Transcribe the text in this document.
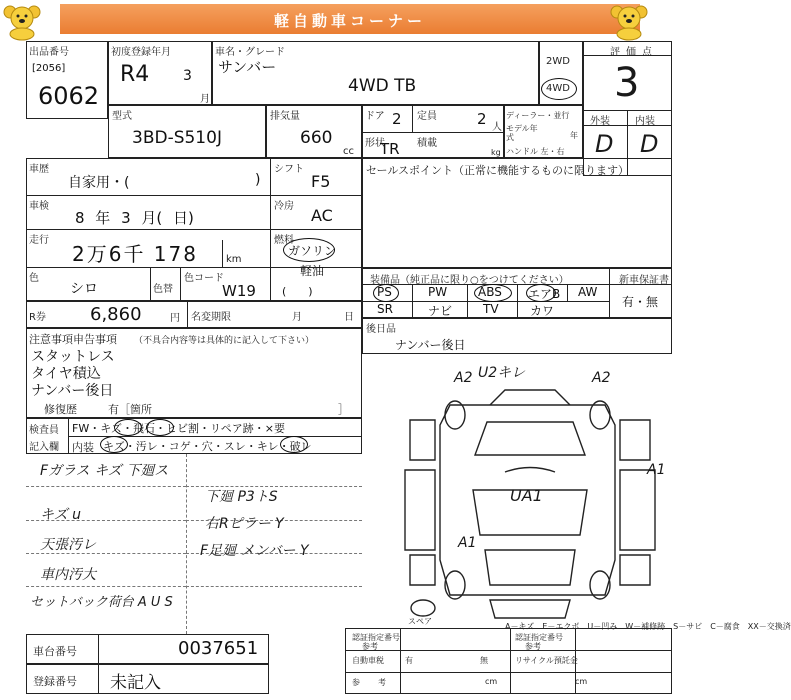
軽自動車コーナー
出品番号
[2056]
6062
初度登録年月
R4 3
月
車名・グレード
サンバー
4WD TB
2WD
4WD
評価点
3
外装	内装
D D
型式
3BD-S510J
排気量
660
cc
ドア 2 定員	2 人
形状
TR 積載
kg
ディーラー・並行
モデル年式	年
ハンドル 左・右
車歴
自家用・(	)
シフト
F5
車検
8 年 3 月( 日)
冷房 AC
走行
2万6千 178	km
燃料
ガソリン
軽油
(　　)
色
シロ	色替
色コード
W19
R券 6,860	円 名変期限	月	日
セールスポイント（正常に機能するものに限ります）
装備品（純正品に限り○をつけてください）	新車保証書
有・無
PS	PW	ABS エアB AW
SR	ナビ	TV	カワ
後日品
ナンバー後日
注意事項申告事項 （不具合内容等は具体的に記入して下さい）
スタットレス
タイヤ積込
ナンバー後日
修復歴	有［箇所	］
検査員
記入欄
FW・キズ・飛石・ヒビ割・リペア跡・×要
内装 キズ・汚レ・コゲ・穴・スレ・キレ・破レ
Fガラス キズ 下廻ス
キズ u
天張汚レ
車内汚大
セットバック荷台 A U S
下廻 P3トS
右Rピラー Y
F足廻 メンバー Y
A2 U2キレ	A2
A1
UA1
A1
スペア
A－キズ　E－エクボ　U－凹み　W－補修跡　S－サビ　C－腐食　XX－交換済
認証指定番号
参考
認証指定番号
参考
自動車税	有	無	リサイクル預託金
参 考	cm	cm
車台番号	0037651
登録番号 未記入
